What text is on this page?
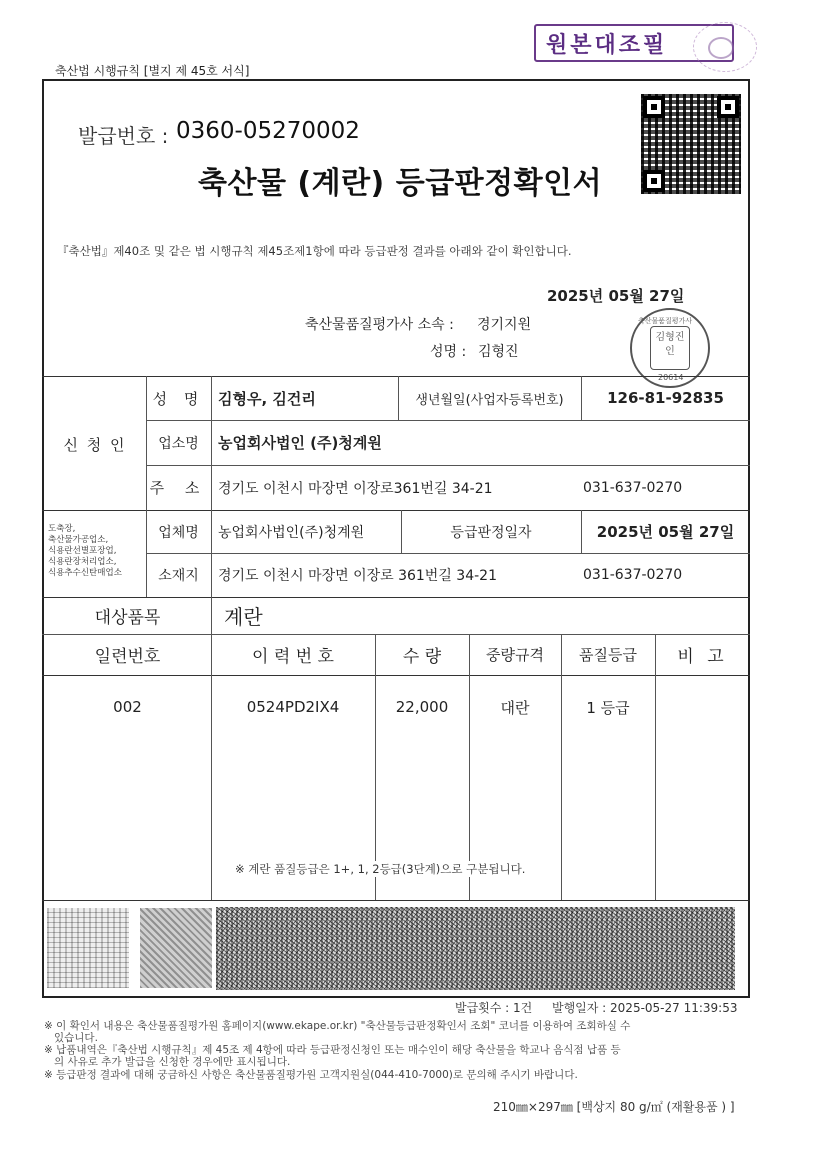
축산법 시행규칙 [별지 제 45호 서식]
원본대조필
발급번호 : 0360-05270002
축산물 (계란) 등급판정확인서
『축산법』제40조 및 같은 법 시행규칙 제45조제1항에 따라 등급판정 결과를 아래와 같이 확인합니다.
2025년 05월 27일
축산물품질평가사 소속 : 경기지원
성명 : 김형진
축산물품질평가사
김형진
인
20614
신 청 인
성 명 김형우, 김건리	생년월일(사업자등록번호)	126-81-92835
업소명	농업회사법인 (주)청계원
주 소 경기도 이천시 마장면 이장로361번길 34-21	031-637-0270
도축장,
축산물가공업소,
식용란선별포장업,
식용란장처리업소,
식용추수신탄매업소
업체명	농업회사법인(주)청계원	등급판정일자	2025년 05월 27일
소재지	경기도 이천시 마장면 이장로 361번길 34-21	031-637-0270
대상품목	계란
일련번호	이 력 번 호	수 량	중량규격	품질등급	비 고
002	0524PD2IX4	22,000	대란	1 등급
※ 계란 품질등급은 1+, 1, 2등급(3단계)으로 구분됩니다.
발급횟수 : 1건 발행일자 : 2025-05-27 11:39:53
※ 이 확인서 내용은 축산물품질평가원 홈페이지(www.ekape.or.kr) "축산물등급판정확인서 조회" 코너를 이용하여 조회하실 수
있습니다.
※ 납품내역은『축산법 시행규칙』제 45조 제 4항에 따라 등급판정신청인 또는 매수인이 해당 축산물을 학교나 음식점 납품 등
의 사유로 추가 발급을 신청한 경우에만 표시됩니다.
※ 등급판정 결과에 대해 궁금하신 사항은 축산물품질평가원 고객지원실(044-410-7000)로 문의해 주시기 바랍니다.
210㎜×297㎜ [백상지 80 g/㎡ (재활용품 ) ]
